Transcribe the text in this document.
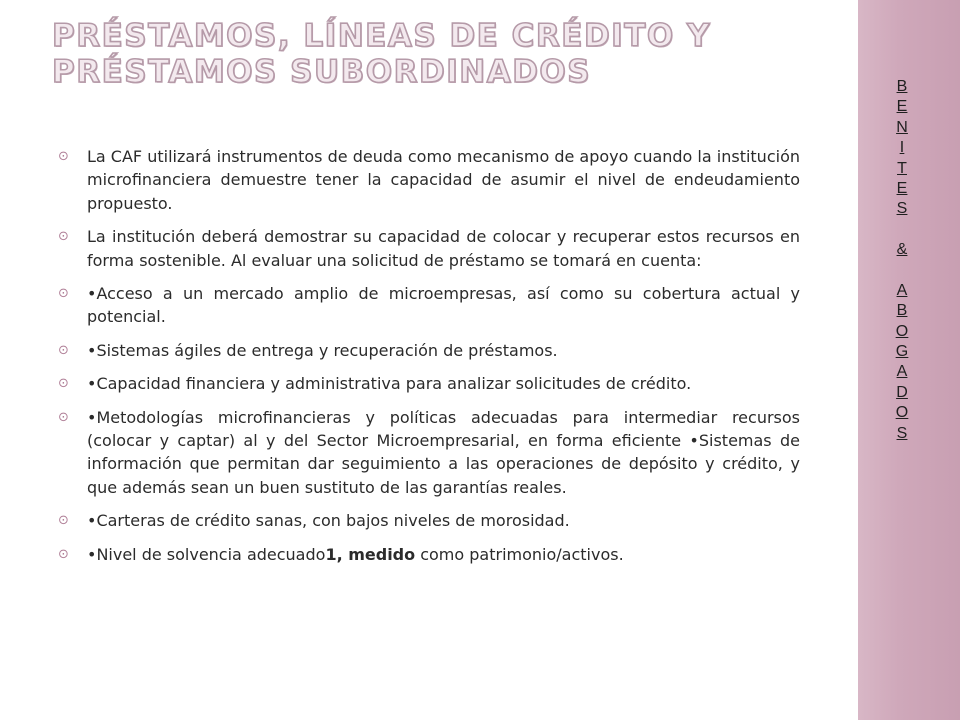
B
E
N
I
T
E
S
&
A
B
O
G
A
D
O
S
PRÉSTAMOS, LÍNEAS DE CRÉDITO Y PRÉSTAMOS SUBORDINADOS
⊙
La CAF utilizará instrumentos de deuda como mecanismo de apoyo cuando la institución microfinanciera demuestre tener la capacidad de asumir el nivel de endeudamiento propuesto.
⊙
La institución deberá demostrar su capacidad de colocar y recuperar estos recursos en forma sostenible. Al evaluar una solicitud de préstamo se tomará en cuenta:
⊙
•Acceso a un mercado amplio de microempresas, así como su cobertura actual y potencial.
⊙
•Sistemas ágiles de entrega y recuperación de préstamos.
⊙
•Capacidad financiera y administrativa para analizar solicitudes de crédito.
⊙
•Metodologías microfinancieras y políticas adecuadas para intermediar recursos (colocar y captar) al y del Sector Microempresarial, en forma eficiente •Sistemas de información que permitan dar seguimiento a las operaciones de depósito y crédito, y que además sean un buen sustituto de las garantías reales.
⊙
•Carteras de crédito sanas, con bajos niveles de morosidad.
⊙
•Nivel de solvencia adecuado1, medido como patrimonio/activos.
